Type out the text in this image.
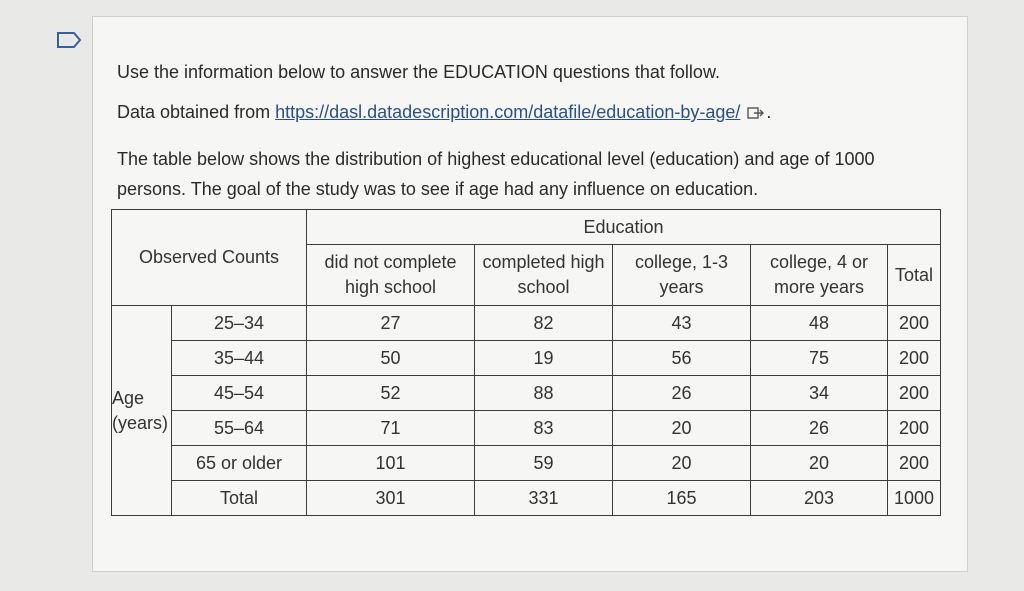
Use the information below to answer the EDUCATION questions that follow.
Data obtained from https://dasl.datadescription.com/datafile/education-by-age/ .
The table below shows the distribution of highest educational level (education) and age of 1000 persons. The goal of the study was to see if age had any influence on education.
Observed Counts		Education				
		did not complete high school	completed high school	college, 1-3 years	college, 4 or more years	Total
Age (years)	25–34	27	82	43	48	200
	35–44	50	19	56	75	200
	45–54	52	88	26	34	200
	55–64	71	83	20	26	200
	65 or older	101	59	20	20	200
	Total	301	331	165	203	1000
